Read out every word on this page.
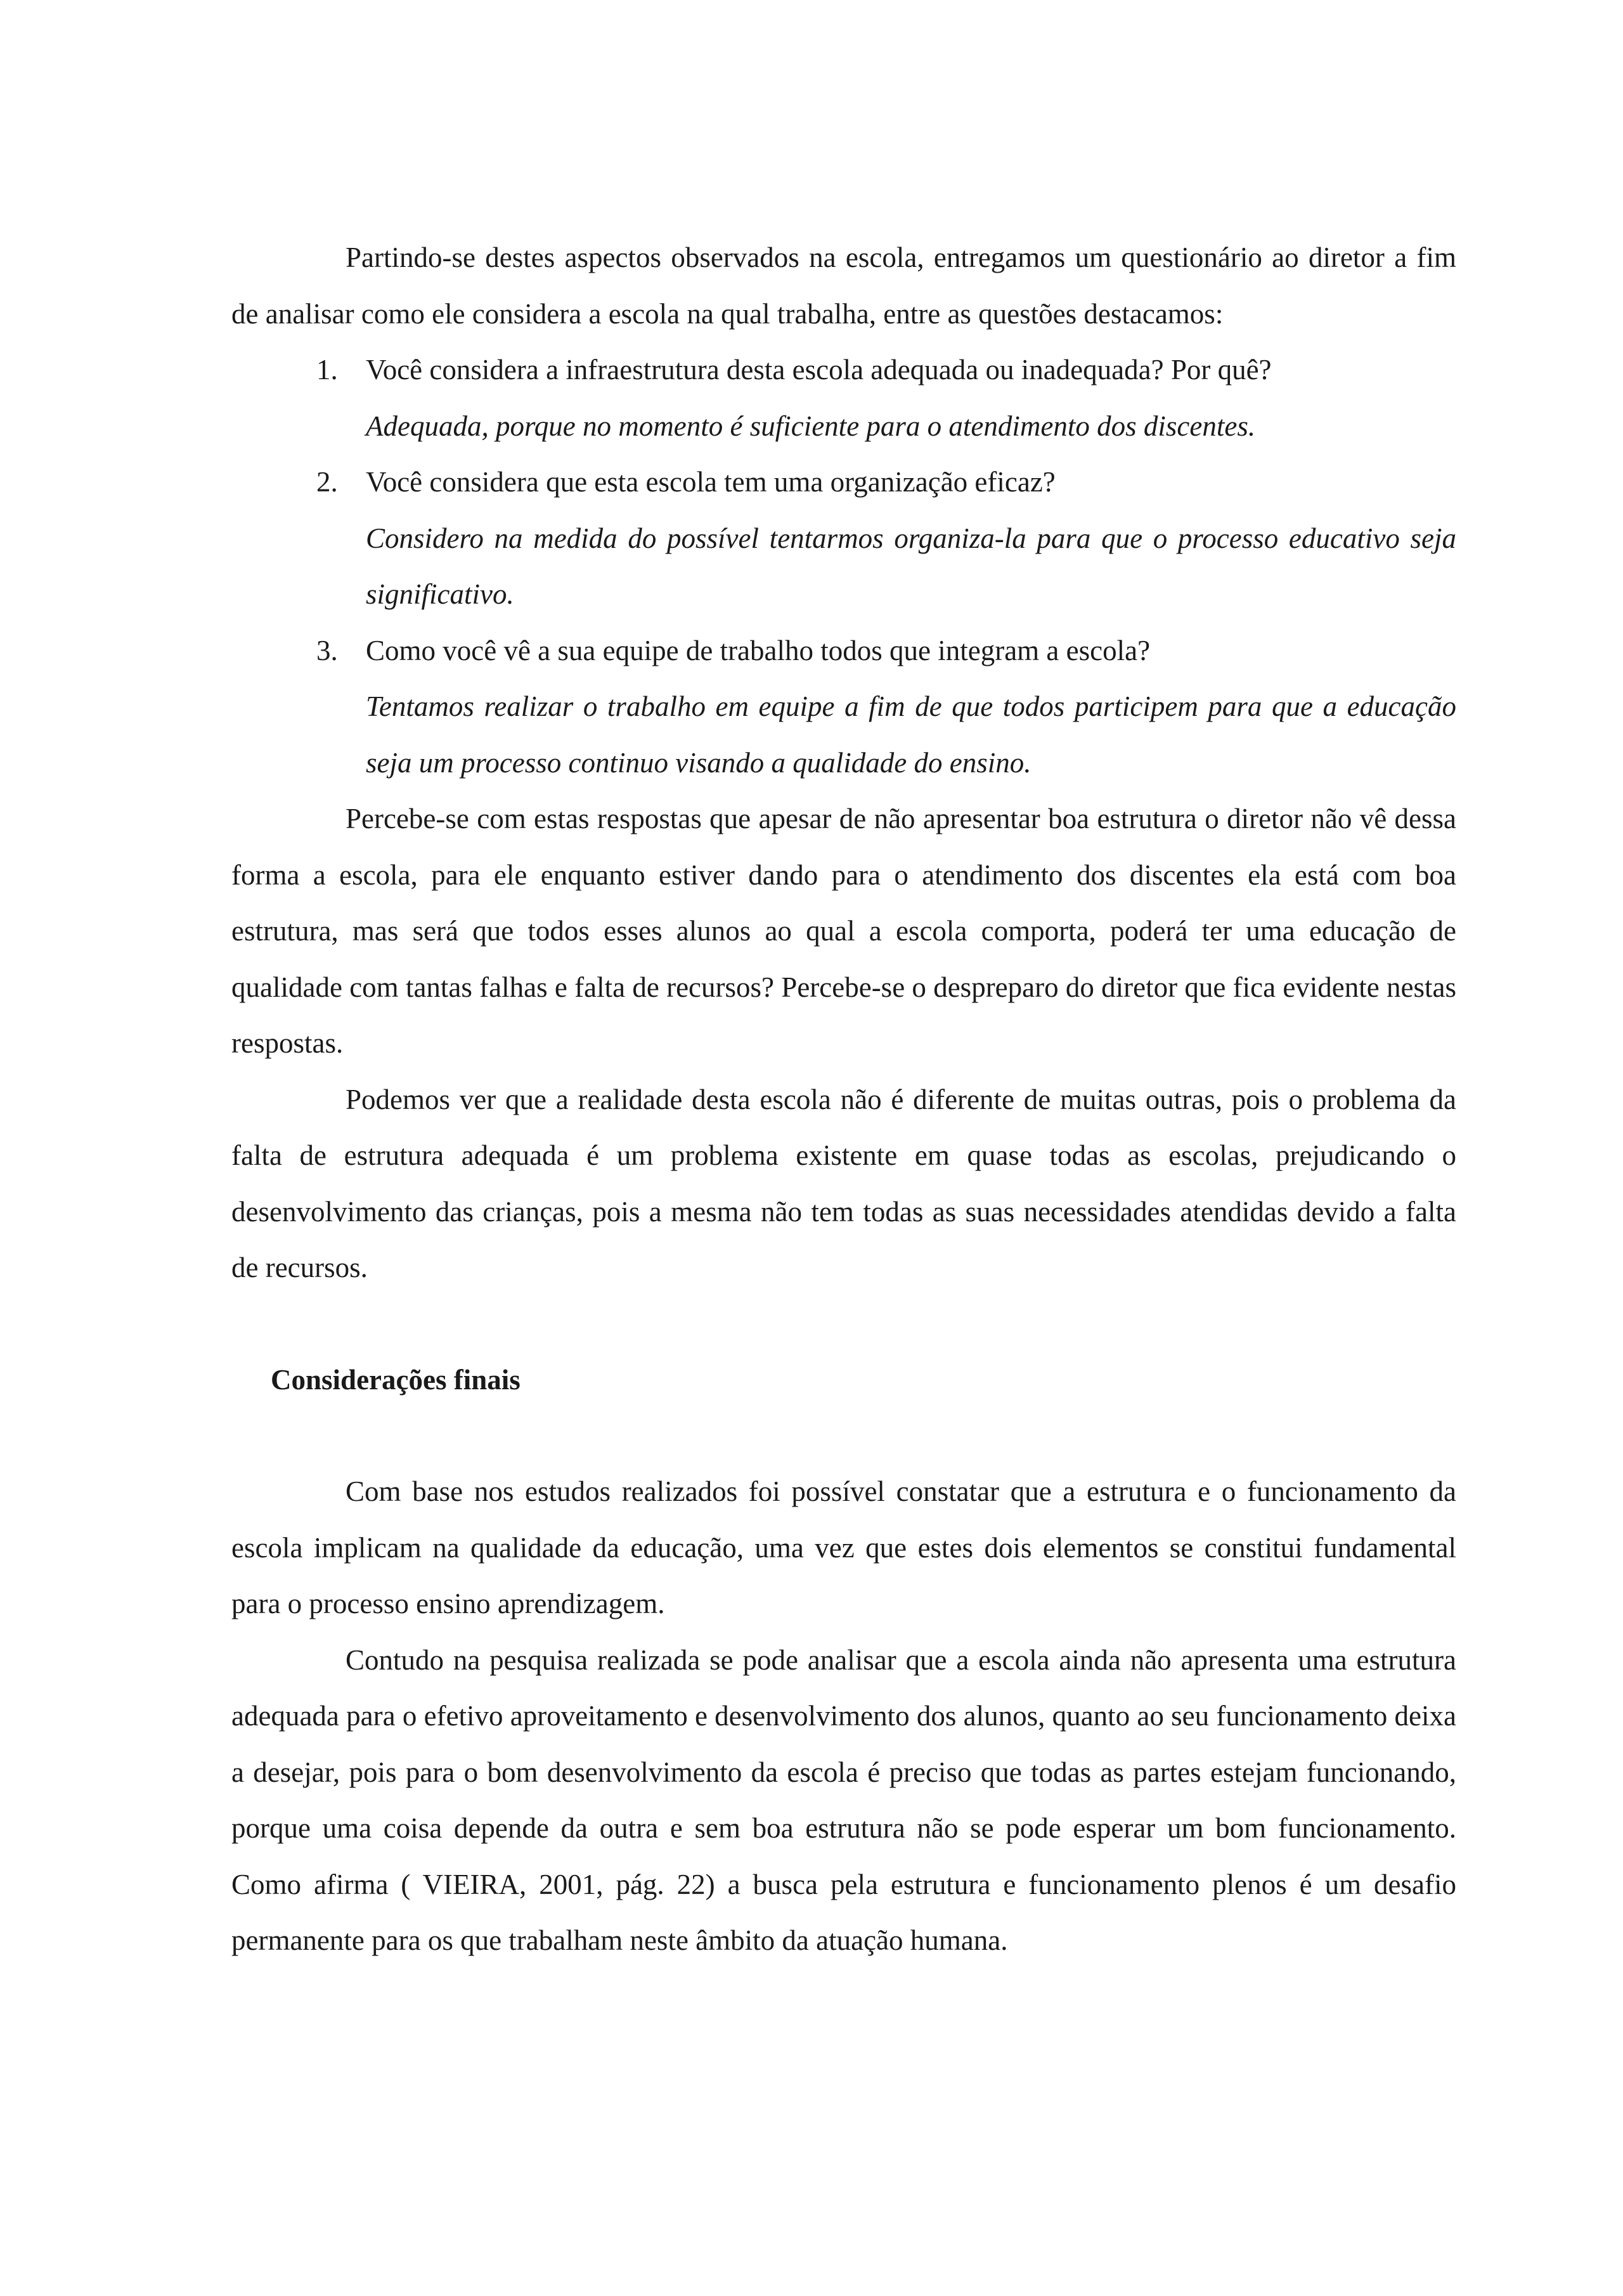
Partindo-se destes aspectos observados na escola, entregamos um questionário ao diretor a fim de analisar como ele considera a escola na qual trabalha, entre as questões destacamos:

1. Você considera a infraestrutura desta escola adequada ou inadequada? Por quê?
Adequada, porque no momento é suficiente para o atendimento dos discentes.
2. Você considera que esta escola tem uma organização eficaz?
Considero na medida do possível tentarmos organiza-la para que o processo educativo seja significativo.
3. Como você vê a sua equipe de trabalho todos que integram a escola?
Tentamos realizar o trabalho em equipe a fim de que todos participem para que a educação seja um processo continuo visando a qualidade do ensino.

Percebe-se com estas respostas que apesar de não apresentar boa estrutura o diretor não vê dessa forma a escola, para ele enquanto estiver dando para o atendimento dos discentes ela está com boa estrutura, mas será que todos esses alunos ao qual a escola comporta, poderá ter uma educação de qualidade com tantas falhas e falta de recursos? Percebe-se o despreparo do diretor que fica evidente nestas respostas.

Podemos ver que a realidade desta escola não é diferente de muitas outras, pois o problema da falta de estrutura adequada é um problema existente em quase todas as escolas, prejudicando o desenvolvimento das crianças, pois a mesma não tem todas as suas necessidades atendidas devido a falta de recursos.

Considerações finais

Com base nos estudos realizados foi possível constatar que a estrutura e o funcionamento da escola implicam na qualidade da educação, uma vez que estes dois elementos se constitui fundamental para o processo ensino aprendizagem.

Contudo na pesquisa realizada se pode analisar que a escola ainda não apresenta uma estrutura adequada para o efetivo aproveitamento e desenvolvimento dos alunos, quanto ao seu funcionamento deixa a desejar, pois para o bom desenvolvimento da escola é preciso que todas as partes estejam funcionando, porque uma coisa depende da outra e sem boa estrutura não se pode esperar um bom funcionamento. Como afirma ( VIEIRA, 2001, pág. 22) a busca pela estrutura e funcionamento plenos é um desafio permanente para os que trabalham neste âmbito da atuação humana.
